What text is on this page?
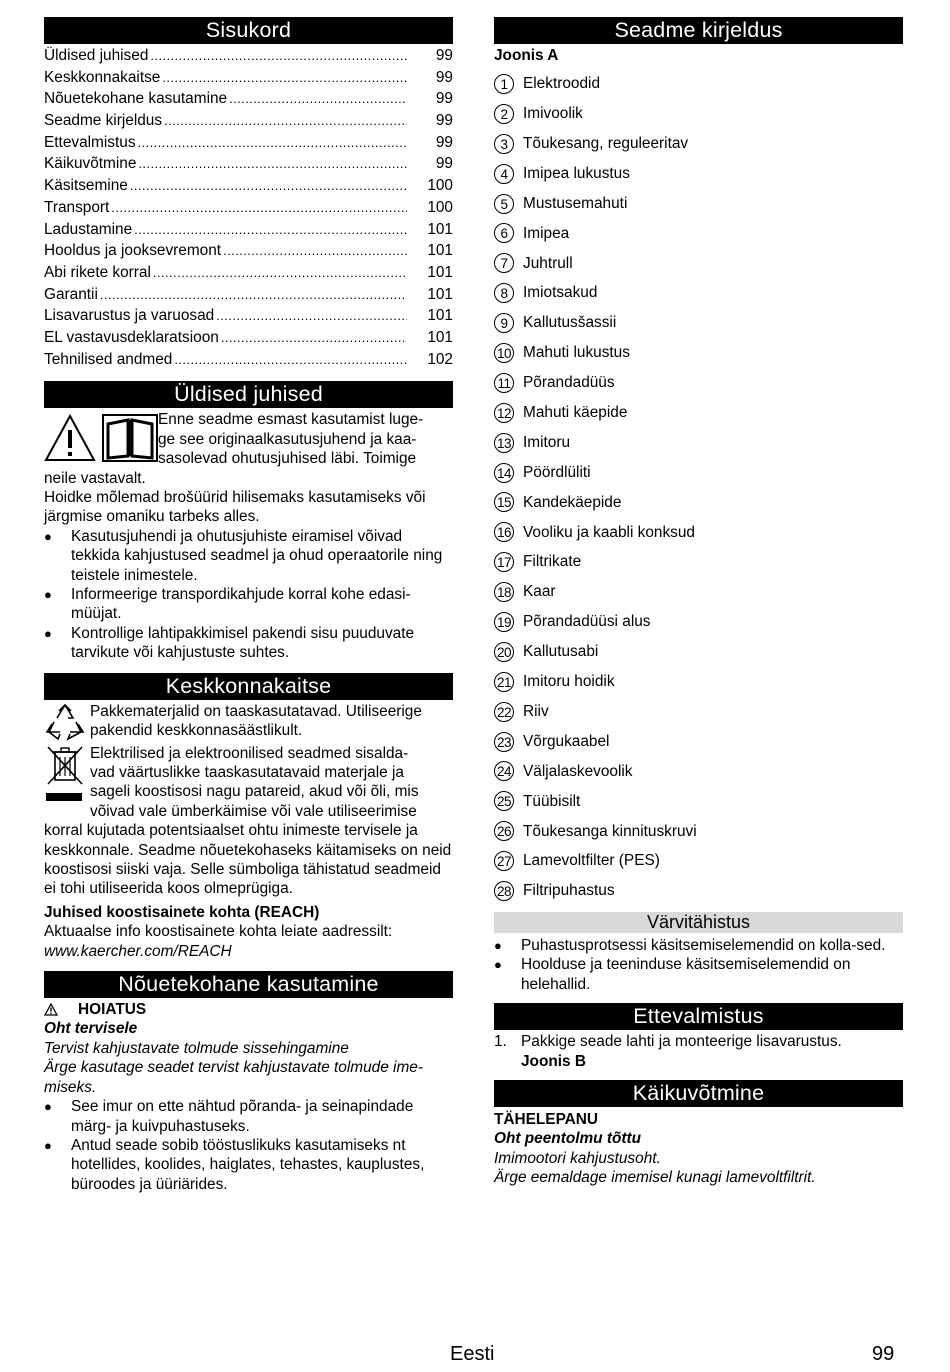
Sisukord
Üldised juhised . . .	99
Keskkonnakaitse . . .	99
Nõuetekohane kasutamine . . .	99
Seadme kirjeldus . . .	99
Ettevalmistus . . .	99
Käikuvõtmine . . .	99
Käsitsemine . . .	100
Transport . . .	100
Ladustamine . . .	101
Hooldus ja jooksevremont . . .	101
Abi rikete korral . . .	101
Garantii . . .	101
Lisavarustus ja varuosad . . .	101
EL vastavusdeklaratsioon . . .	101
Tehnilised andmed . . .	102
Üldised juhised
Enne seadme esmast kasutamist luge-
ge see originaalkasutusjuhend ja kaa-
sasolevad ohutusjuhised läbi. Toimige

neile vastavalt.

Hoidke mõlemad brošüürid hilisemaks kasutamiseks või järgmise omaniku tarbeks alles.

●	Kasutusjuhendi ja ohutusjuhiste eiramisel võivad tekkida kahjustused seadmel ja ohud operaatorile ning teistele inimestele.
●	Informeerige transpordikahjude korral kohe edasi-müüjat.
●	Kontrollige lahtipakkimisel pakendi sisu puuduvate tarvikute või kahjustuste suhtes.
Keskkonnakaitse
Pakkematerjalid on taaskasutatavad. Utiliseerige pakendid keskkonnasäästlikult.
Elektrilised ja elektroonilised seadmed sisalda-
vad väärtuslikke taaskasutatavaid materjale ja
sageli koostisosi nagu patareid, akud või õli, mis
võivad vale ümberkäimise või vale utiliseerimise

korral kujutada potentsiaalset ohtu inimeste tervisele ja keskkonnale. Seadme nõuetekohaseks käitamiseks on neid koostisosi siiski vaja. Selle sümboliga tähistatud seadmeid ei tohi utiliseerida koos olmeprügiga.

Juhised koostisainete kohta (REACH)

Aktuaalse info koostisainete kohta leiate aadressilt:

www.kaercher.com/REACH

Nõuetekohane kasutamine
HOIATUS

Oht tervisele

Tervist kahjustavate tolmude sissehingamine

Ärge kasutage seadet tervist kahjustavate tolmude ime-miseks.

●	See imur on ette nähtud põranda- ja seinapindade märg- ja kuivpuhastuseks.
●	Antud seade sobib tööstuslikuks kasutamiseks nt hotellides, koolides, haiglates, tehastes, kauplustes, büroodes ja üüriärides.
Seadme kirjeldus

Joonis A

1	Elektroodid
2	Imivoolik
3	Tõukesang, reguleeritav
4	Imipea lukustus
5	Mustusemahuti
6	Imipea
7	Juhtrull
8	Imiotsakud
9	Kallutusšassii
10 Mahuti lukustus
11 Põrandadüüs
12 Mahuti käepide
13 Imitoru
14 Pöördlüliti
15 Kandekäepide
16 Vooliku ja kaabli konksud
17 Filtrikate
18 Kaar
19 Põrandadüüsi alus
20 Kallutusabi
21 Imitoru hoidik
22 Riiv
23 Võrgukaabel
24 Väljalaskevoolik
25 Tüübisilt
26 Tõukesanga kinnituskruvi
27 Lamevoltfilter (PES)
28 Filtripuhastus
Värvitähistus
●	Puhastusprotsessi käsitsemiselemendid on kolla-sed.
●	Hoolduse ja teeninduse käsitsemiselemendid on helehallid.
Ettevalmistus
1. Pakkige seade lahti ja monteerige lisavarustus.
Joonis B
Käikuvõtmine

TÄHELEPANU

Oht peentolmu tõttu

Imimootori kahjustusoht.

Ärge eemaldage imemisel kunagi lamevoltfiltrit.

Eesti	99
